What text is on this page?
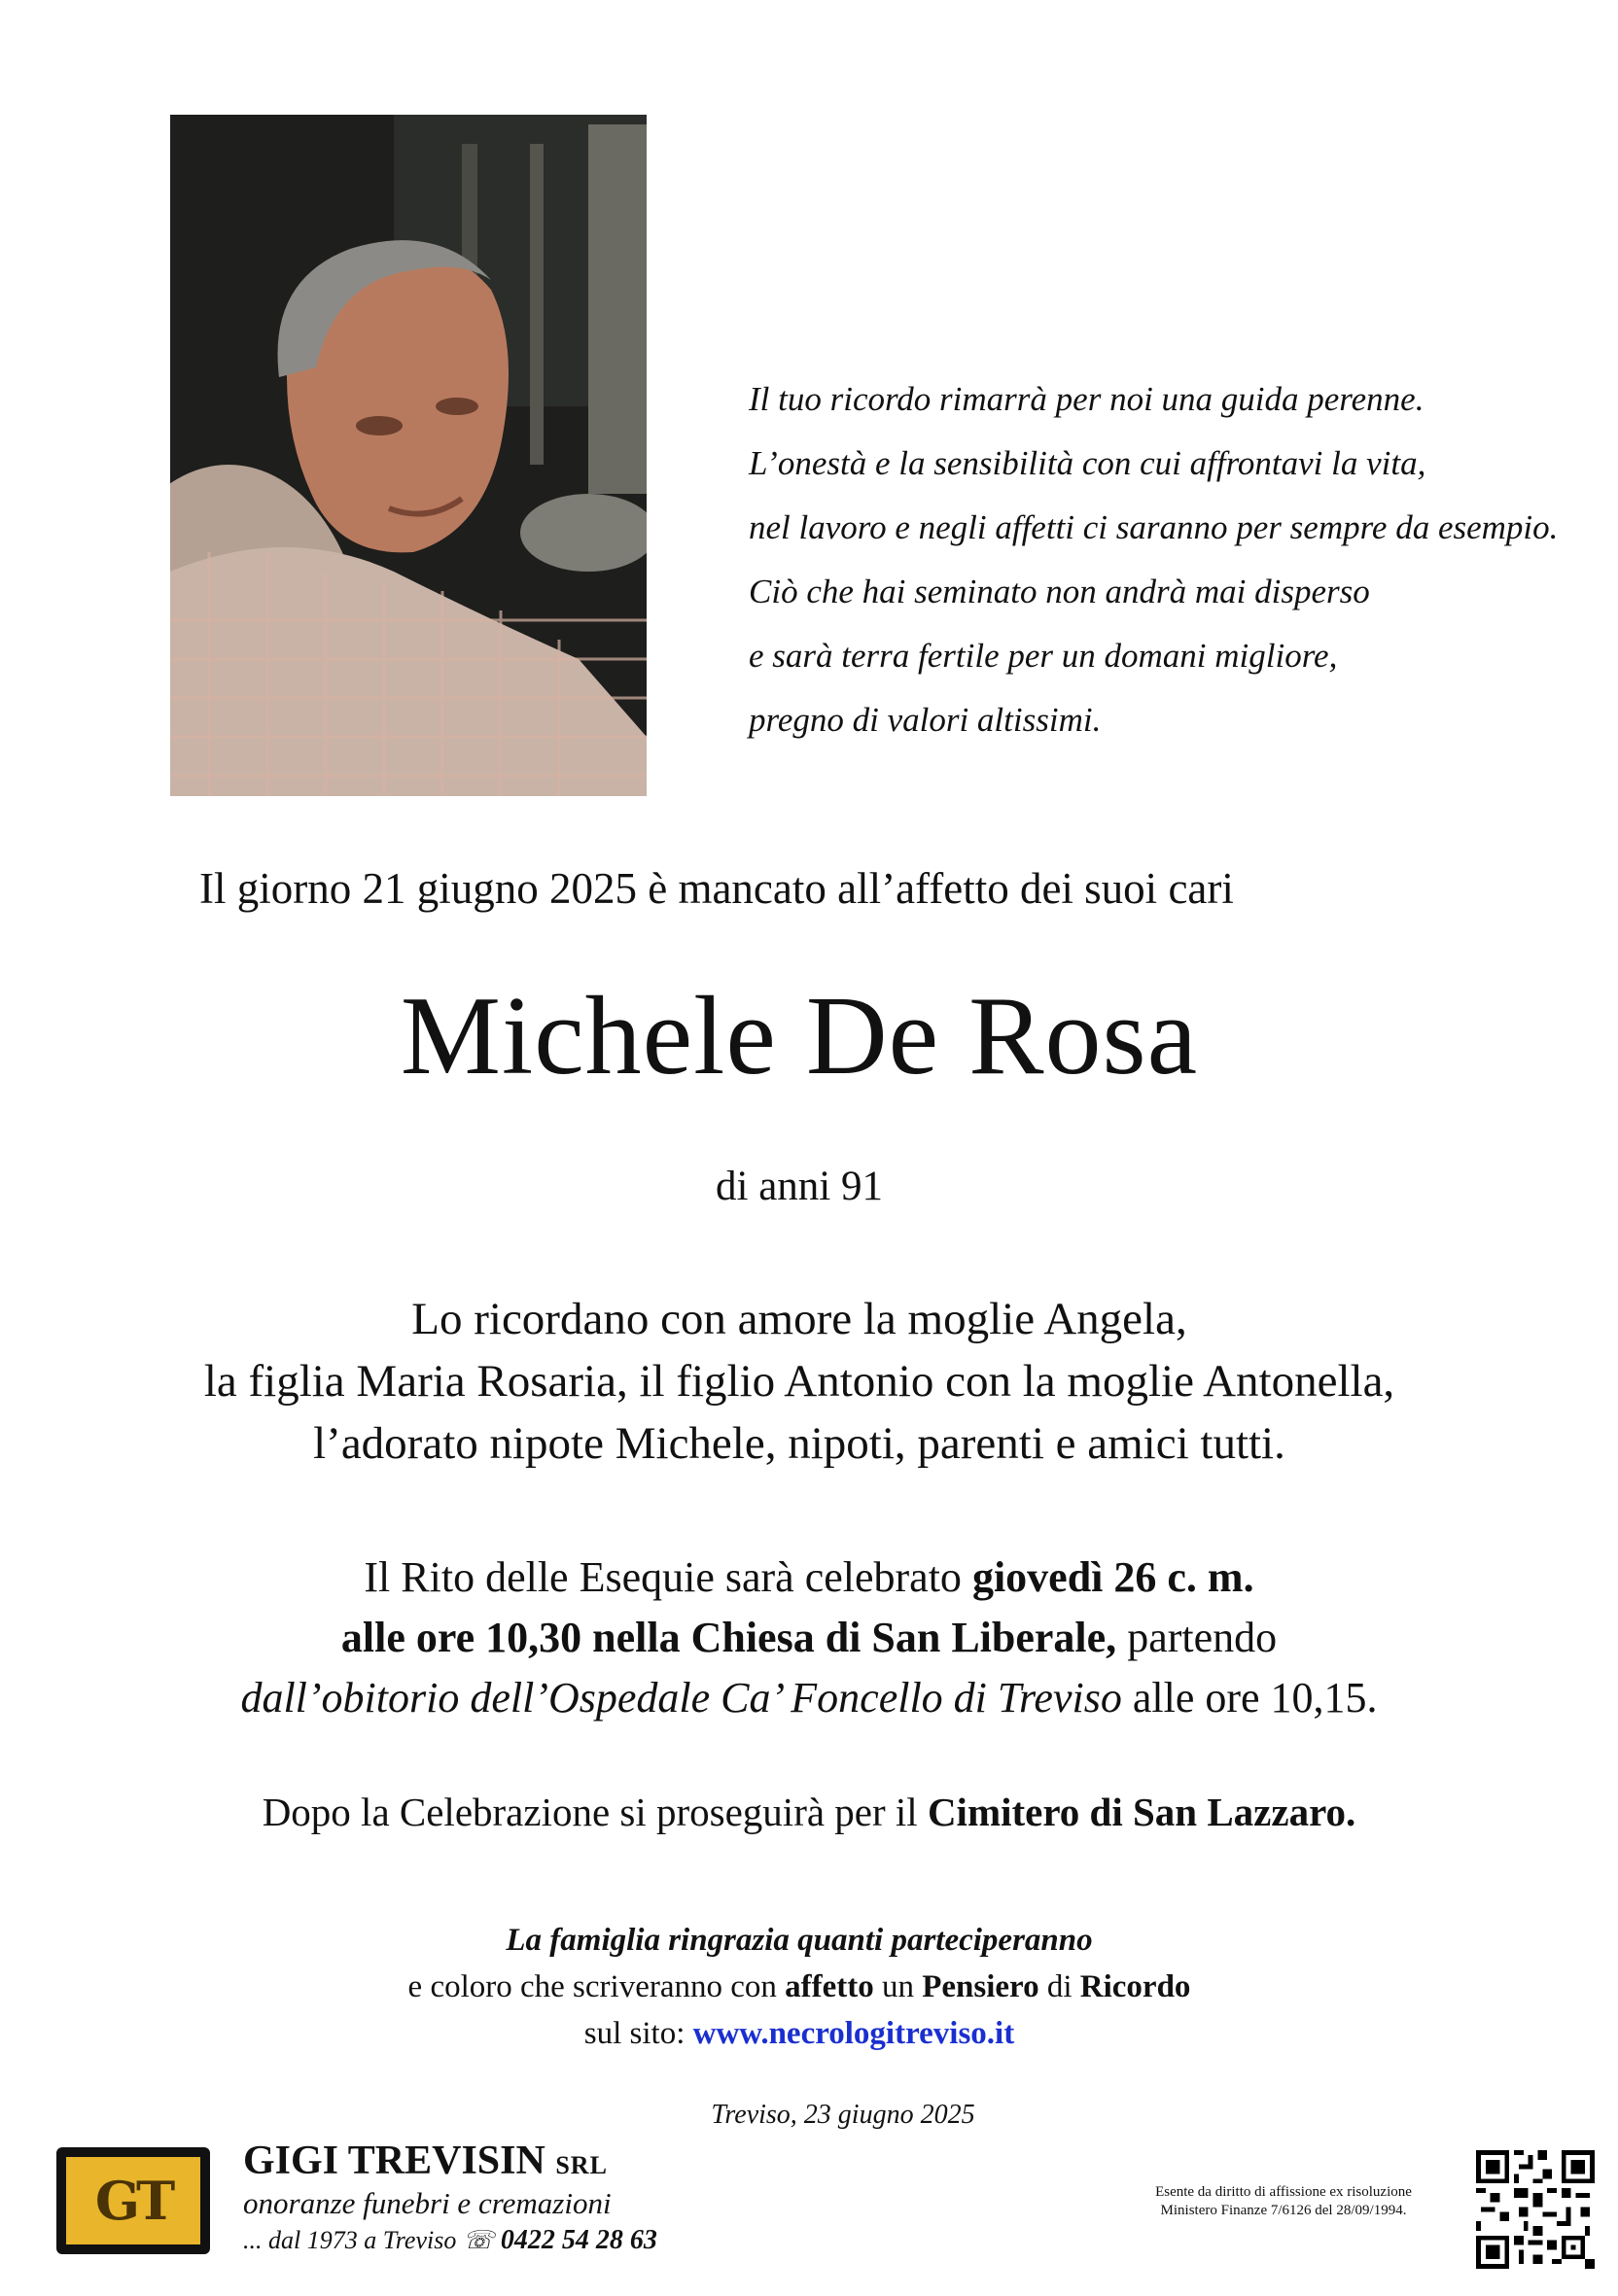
Il tuo ricordo rimarrà per noi una guida perenne.
L’onestà e la sensibilità con cui affrontavi la vita,
nel lavoro e negli affetti ci saranno per sempre da esempio.
Ciò che hai seminato non andrà mai disperso
e sarà terra fertile per un domani migliore,
pregno di valori altissimi.
Il giorno 21 giugno 2025 è mancato all’affetto dei suoi cari
Michele De Rosa
di anni 91
Lo ricordano con amore la moglie Angela,
la figlia Maria Rosaria, il figlio Antonio con la moglie Antonella,
l’adorato nipote Michele, nipoti, parenti e amici tutti.
Il Rito delle Esequie sarà celebrato giovedì 26 c. m.
alle ore 10,30 nella Chiesa di San Liberale, partendo
dall’obitorio dell’Ospedale Ca’ Foncello di Treviso alle ore 10,15.
Dopo la Celebrazione si proseguirà per il Cimitero di San Lazzaro.
La famiglia ringrazia quanti parteciperanno
e coloro che scriveranno con affetto un Pensiero di Ricordo
sul sito: www.necrologitreviso.it
Treviso, 23 giugno 2025
GT
GIGI TREVISIN SRL
onoranze funebri e cremazioni
... dal 1973 a Treviso ☏ 0422 54 28 63
Esente da diritto di affissione ex risoluzione
Ministero Finanze 7/6126 del 28/09/1994.
